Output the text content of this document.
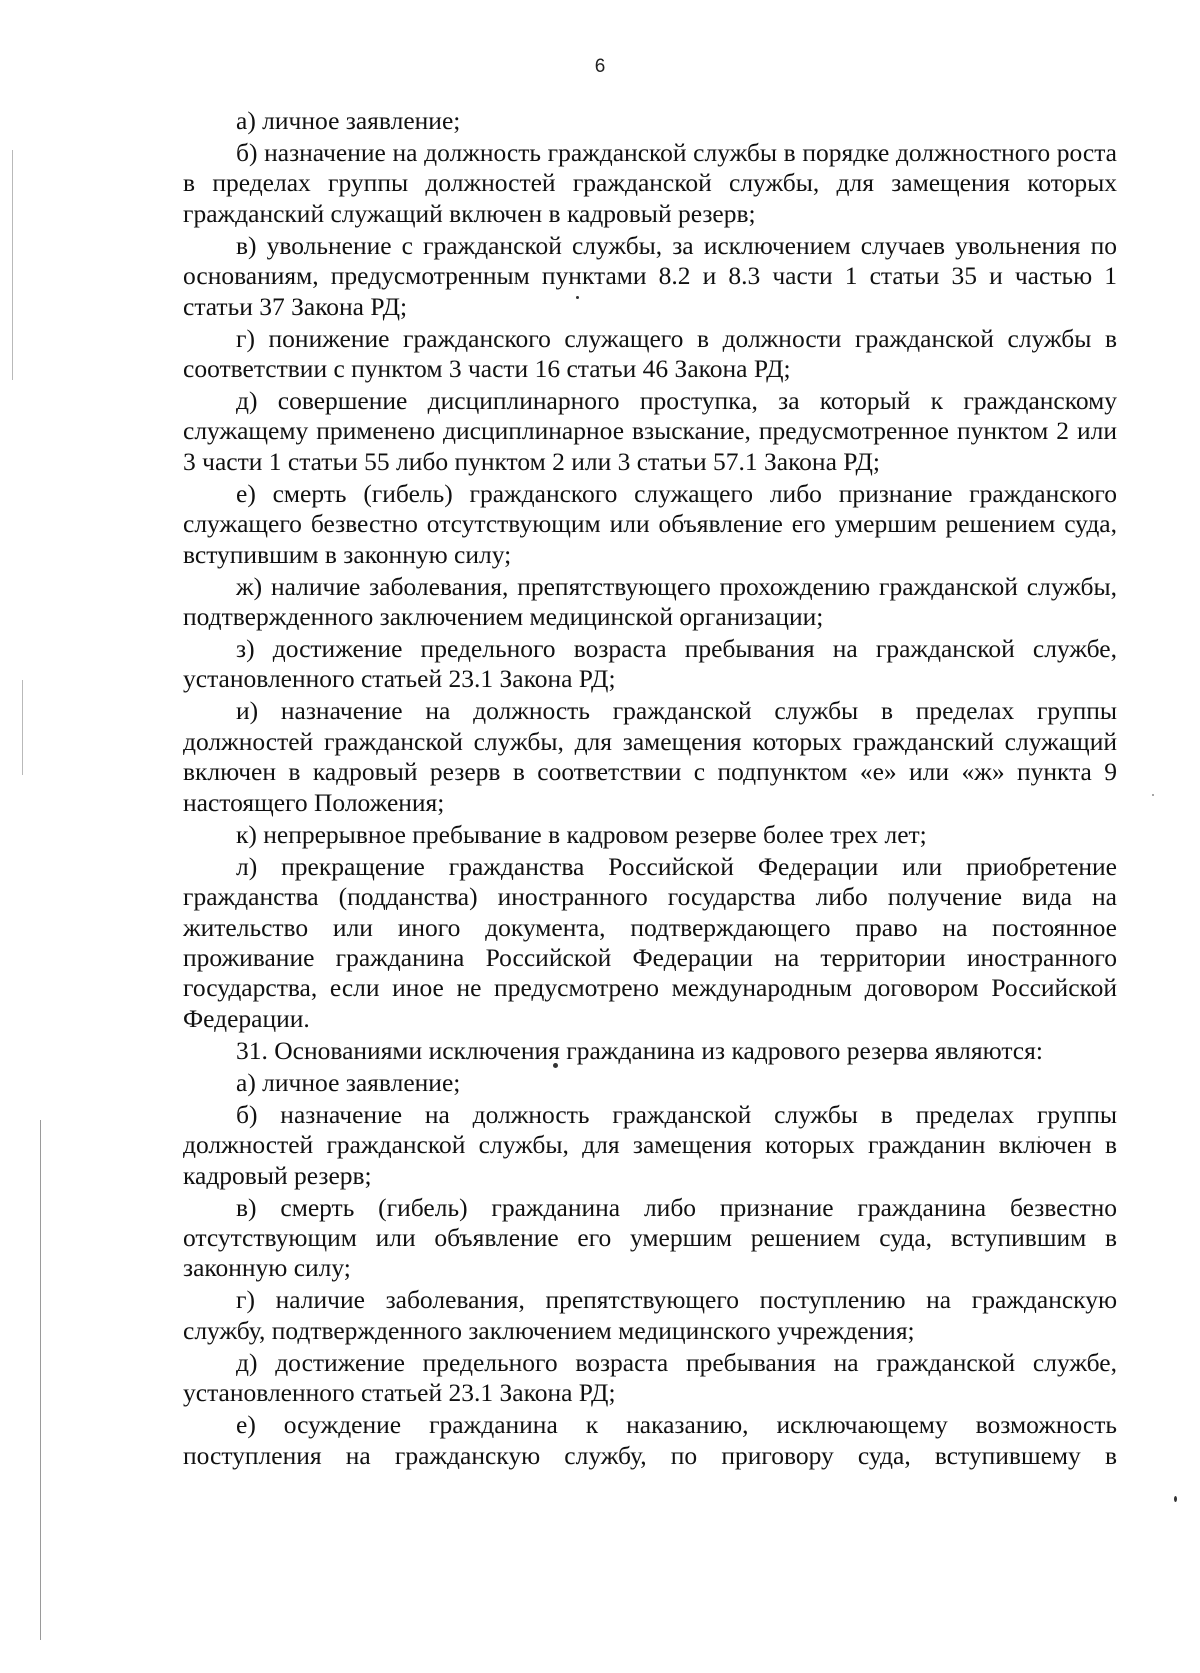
6

а) личное заявление;

б) назначение на должность гражданской службы в порядке должностного роста в пределах группы должностей гражданской службы, для замещения которых гражданский служащий включен в кадровый резерв;

в) увольнение с гражданской службы, за исключением случаев увольнения по основаниям, предусмотренным пунктами 8.2 и 8.3 части 1 статьи 35 и частью 1 статьи 37 Закона РД;

г) понижение гражданского служащего в должности гражданской службы в соответствии с пунктом 3 части 16 статьи 46 Закона РД;

д) совершение дисциплинарного проступка, за который к гражданскому служащему применено дисциплинарное взыскание, предусмотренное пунктом 2 или 3 части 1 статьи 55 либо пунктом 2 или 3 статьи 57.1 Закона РД;

е) смерть (гибель) гражданского служащего либо признание гражданского служащего безвестно отсутствующим или объявление его умершим решением суда, вступившим в законную силу;

ж) наличие заболевания, препятствующего прохождению гражданской службы, подтвержденного заключением медицинской организации;

з) достижение предельного возраста пребывания на гражданской службе, установленного статьей 23.1 Закона РД;

и) назначение на должность гражданской службы в пределах группы должностей гражданской службы, для замещения которых гражданский служащий включен в кадровый резерв в соответствии с подпунктом «е» или «ж» пункта 9 настоящего Положения;

к) непрерывное пребывание в кадровом резерве более трех лет;

л) прекращение гражданства Российской Федерации или приобретение гражданства (подданства) иностранного государства либо получение вида на жительство или иного документа, подтверждающего право на постоянное проживание гражданина Российской Федерации на территории иностранного государства, если иное не предусмотрено международным договором Российской Федерации.

31. Основаниями исключения гражданина из кадрового резерва являются:

а) личное заявление;

б) назначение на должность гражданской службы в пределах группы должностей гражданской службы, для замещения которых гражданин включен в кадровый резерв;

в) смерть (гибель) гражданина либо признание гражданина безвестно отсутствующим или объявление его умершим решением суда, вступившим в законную силу;

г) наличие заболевания, препятствующего поступлению на гражданскую службу, подтвержденного заключением медицинского учреждения;

д) достижение предельного возраста пребывания на гражданской службе, установленного статьей 23.1 Закона РД;

е) осуждение гражданина к наказанию, исключающему возможность поступления на гражданскую службу, по приговору суда, вступившему в
